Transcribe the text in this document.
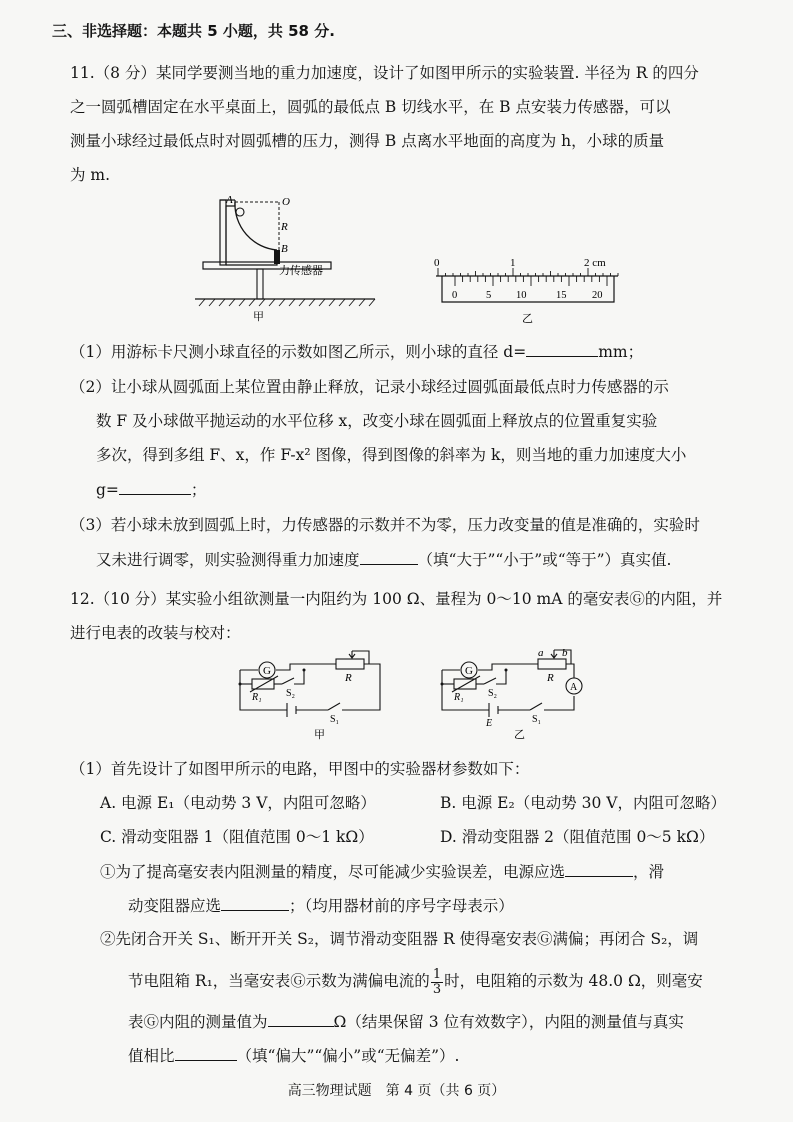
三、非选择题：本题共 5 小题，共 58 分.
11.（8 分）某同学要测当地的重力加速度，设计了如图甲所示的实验装置. 半径为 R 的四分
之一圆弧槽固定在水平桌面上，圆弧的最低点 B 切线水平，在 B 点安装力传感器，可以
测量小球经过最低点时对圆弧槽的压力，测得 B 点离水平地面的高度为 h，小球的质量
为 m.
A	O
R
B
力传感器
甲
0	1	2 cm
0	5 10	15 20
乙
（1）用游标卡尺测小球直径的示数如图乙所示，则小球的直径 d=	mm；
（2）让小球从圆弧面上某位置由静止释放，记录小球经过圆弧面最低点时力传感器的示
数 F 及小球做平抛运动的水平位移 x，改变小球在圆弧面上释放点的位置重复实验
多次，得到多组 F、x，作 F-x² 图像，得到图像的斜率为 k，则当地的重力加速度大小
g=	；
（3）若小球未放到圆弧上时，力传感器的示数并不为零，压力改变量的值是准确的，实验时
又未进行调零，则实验测得重力加速度	（填“大于”“小于”或“等于”）真实值.
12.（10 分）某实验小组欲测量一内阻约为 100 Ω、量程为 0～10 mA 的毫安表Ⓖ的内阻，并
进行电表的改装与校对：
G
R
R₁ S₂
S₁
甲
G
a b
R
A
R₁ S₂
E	S₁
乙
（1）首先设计了如图甲所示的电路，甲图中的实验器材参数如下：
A. 电源 E₁（电动势 3 V，内阻可忽略）	B. 电源 E₂（电动势 30 V，内阻可忽略）
C. 滑动变阻器 1（阻值范围 0～1 kΩ）	D. 滑动变阻器 2（阻值范围 0～5 kΩ）
①为了提高毫安表内阻测量的精度，尽可能减少实验误差，电源应选	，滑
动变阻器应选	；（均用器材前的序号字母表示）
②先闭合开关 S₁、断开开关 S₂，调节滑动变阻器 R 使得毫安表Ⓖ满偏；再闭合 S₂，调
节电阻箱 R₁，当毫安表Ⓖ示数为满偏电流的 $\frac{1}{3}$ 时，电阻箱的示数为 48.0 Ω，则毫安
表Ⓖ内阻的测量值为	Ω（结果保留 3 位有效数字），内阻的测量值与真实
值相比	（填“偏大”“偏小”或“无偏差”）.
高三物理试题　第 4 页（共 6 页）
